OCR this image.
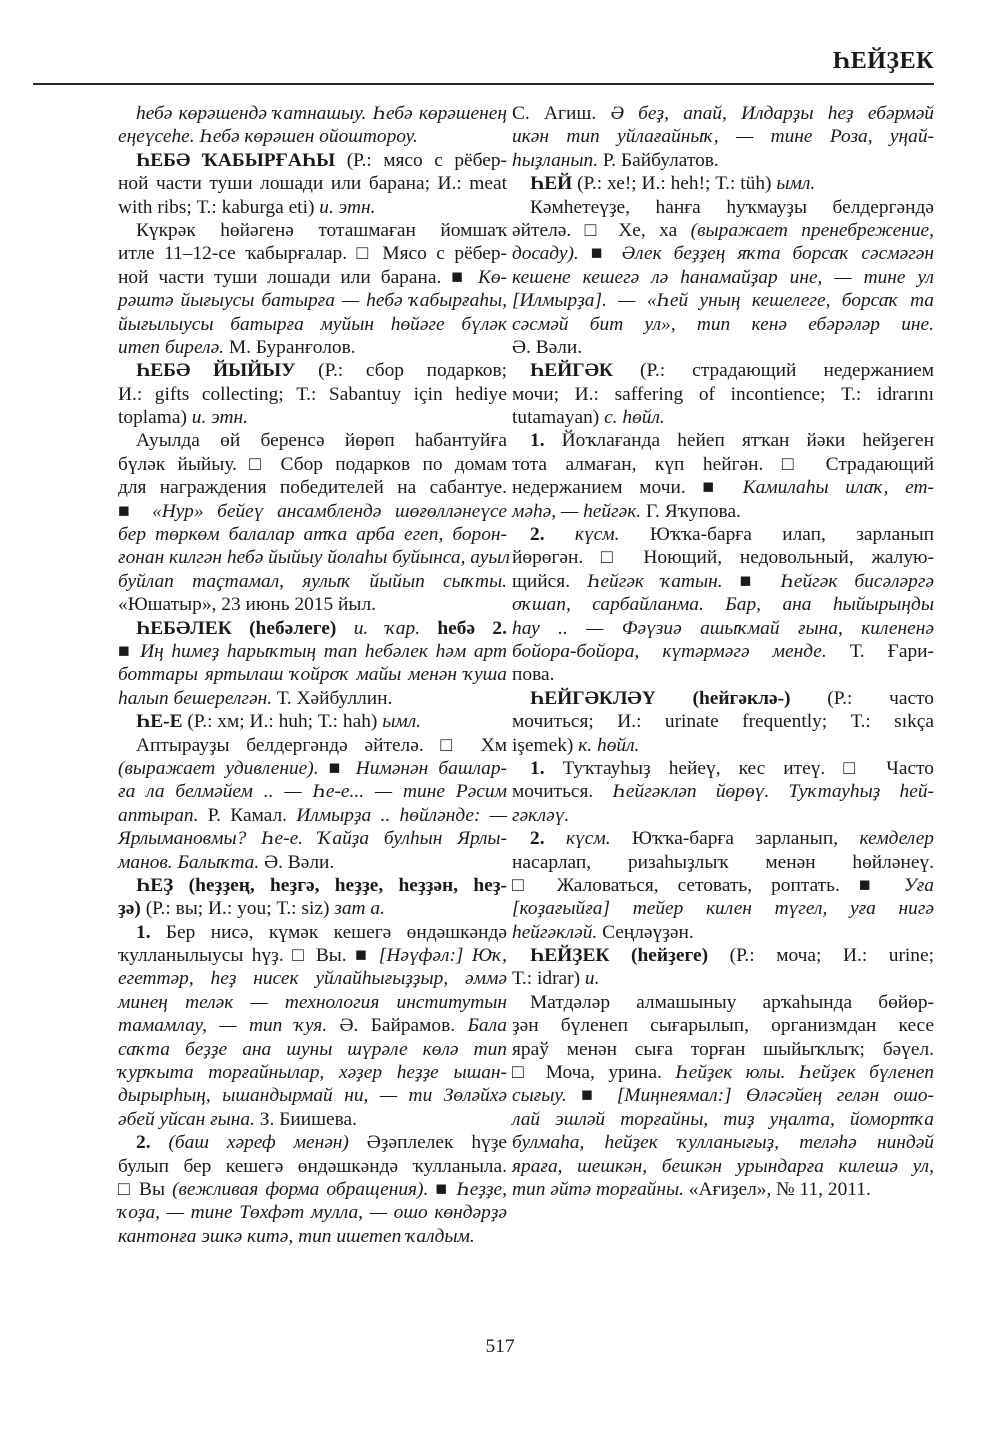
ҺЕЙҘЕК
һебә көрәшендә ҡатнашыу. Һебә көрәшенең
еңеүсеһе. Һебә көрәшен ойоштороу.
ҺЕБӘ ҠАБЫРҒАҺЫ (Р.: мясо с рёбер-
ной части туши лошади или барана; И.: meat
with ribs; Т.: kaburga eti) и. этн.
Күкрәк һөйәгенә тоташмаған йомшаҡ
итле 11–12-се ҡабырғалар. □ Мясо с рёбер-
ной части туши лошади или барана. ■ Кө-
рәштә йығыусы батырға — һебә ҡабырғаһы,
йығылыусы батырға муйын һөйәге бүләк
итеп бирелә. М. Буранғолов.
ҺЕБӘ ЙЫЙЫУ (Р.: сбор подарков;
И.: gifts collecting; Т.: Sabantuy için hediye
toplama) и. этн.
Ауылда өй беренсә йөрөп һабантуйға
бүләк йыйыу. □ Сбор подарков по домам
для награждения победителей на сабантуе.
■ «Нур» бейеү ансамблендә шөғөлләнеүсе
бер төркөм балалар атҡа арба егеп, борон-
ғонан килгән һебә йыйыу йолаһы буйынса, ауыл
буйлап таҫтамал, яулыҡ йыйып сыҡты.
«Юшатыр», 23 июнь 2015 йыл.
ҺЕБӘЛЕК (һебәлеге) и. ҡар. һебә 2.
■ Иң һимеҙ һарыҡтың тап һебәлек һәм арт
боттары яртылаш ҡойроҡ майы менән ҡуша
һалып бешерелгән. Т. Хәйбуллин.
ҺЕ-Е (Р.: хм; И.: huh; Т.: hah) ымл.
Аптырауҙы белдергәндә әйтелә. □ Хм
(выражает удивление). ■ Нимәнән башлар-
ға ла белмәйем .. — Һе-е... — тине Рәсим
аптырап. Р. Камал. Илмырҙа .. һөйләнде: —
Ярлымановмы? Һе-е. Ҡайҙа булһын Ярлы-
манов. Балыҡта. Ә. Вәли.
ҺЕҘ (һеҙҙең, һеҙгә, һеҙҙе, һеҙҙән, һеҙ-
ҙә) (Р.: вы; И.: you; Т.: siz) зат а.
1. Бер нисә, күмәк кешегә өндәшкәндә
ҡулланылыусы һүҙ. □ Вы. ■ [Нәүфәл:] Юҡ,
егеттәр, һеҙ нисек уйлайһығыҙҙыр, әммә
минең теләк — технология институтын
тамамлау, — тип ҡуя. Ә. Байрамов. Бала
саҡта беҙҙе ана шуны шүрәле көлә тип
ҡурҡыта торғайнылар, хәҙер һеҙҙе ышан-
дырырһың, ышандырмай ни, — ти Зөләйхә
әбей уйсан ғына. З. Биишева.
2. (баш хәреф менән) Әҙәплелек һүҙе
булып бер кешегә өндәшкәндә ҡулланыла.
□ Вы (вежливая форма обращения). ■ Һеҙҙе,
ҡоҙа, — тине Төхфәт мулла, — ошо көндәрҙә
кантонға эшкә китә, тип ишетеп ҡалдым.
С. Агиш. Ә беҙ, апай, Илдарҙы һеҙ ебәрмәй
икән тип уйлағайныҡ, — тине Роза, уңай-
һыҙланып. Р. Байбулатов.
ҺЕЙ (Р.: хе!; И.: heh!; Т.: tüh) ымл.
Кәмһетеүҙе, һанға һуҡмауҙы белдергәндә
әйтелә. □ Хе, ха (выражает пренебрежение,
досаду). ■ Әлек беҙҙең яҡта борсаҡ сәсмәгән
кешене кешегә лә һанамайҙар ине, — тине ул
[Илмырҙа]. — «Һей уның кешелеге, борсаҡ та
сәсмәй бит ул», тип кенә ебәрәләр ине.
Ә. Вәли.
ҺЕЙГӘК (Р.: страдающий недержанием
мочи; И.: saffering of incontience; Т.: idrarını
tutamayan) с. һөйл.
1. Йоҡлағанда һейеп ятҡан йәки һейҙеген
тота алмаған, күп һейгән. □ Страдающий
недержанием мочи. ■ Камилаһы илаҡ, ет-
мәһә, — һейгәк. Г. Яҡупова.
2. күсм. Юҡҡа-барға илап, зарланып
йөрөгән. □ Ноющий, недовольный, жалую-
щийся. Һейгәк ҡатын. ■ Һейгәк бисәләргә
оҡшап, сарбайланма. Бар, ана һыйырыңды
һау .. — Фәүзиә ашыҡмай ғына, килененә
бойора-бойора, күтәрмәгә менде. Т. Ғари-
пова.
ҺЕЙГӘКЛӘҮ (һейгәклә-) (Р.: часто
мочиться; И.: urinate frequently; Т.: sıkça
işemek) к. һөйл.
1. Туҡтауһыҙ һейеү, кес итеү. □ Часто
мочиться. Һейгәкләп йөрөү. Туҡтауһыҙ һей-
гәкләү.
2. күсм. Юҡҡа-барға зарланып, кемделер
насарлап, ризаһыҙлыҡ менән һөйләнеү.
□ Жаловаться, сетовать, роптать. ■ Уға
[коҙағыйға] тейер килен түгел, уға нигә
һейгәкләй. Сеңләүҙән.
ҺЕЙҘЕК (һейҙеге) (Р.: моча; И.: urine;
Т.: idrar) и.
Матдәләр алмашыныу арҡаһында бөйөр-
ҙән бүленеп сығарылып, организмдан кесе
яраў менән сыға торған шыйыҡлыҡ; бәүел.
□ Моча, урина. Һейҙек юлы. Һейҙек бүленеп
сығыу. ■ [Миңнеямал:] Өләсәйең гелән ошо-
лай эшләй торғайны, тиҙ уңалта, йомортҡа
булмаһа, һейҙек ҡулланығыҙ, теләһә ниндәй
яраға, шешкән, бешкән урындарға килешә ул,
тип әйтә торғайны. «Ағиҙел», № 11, 2011.
517
